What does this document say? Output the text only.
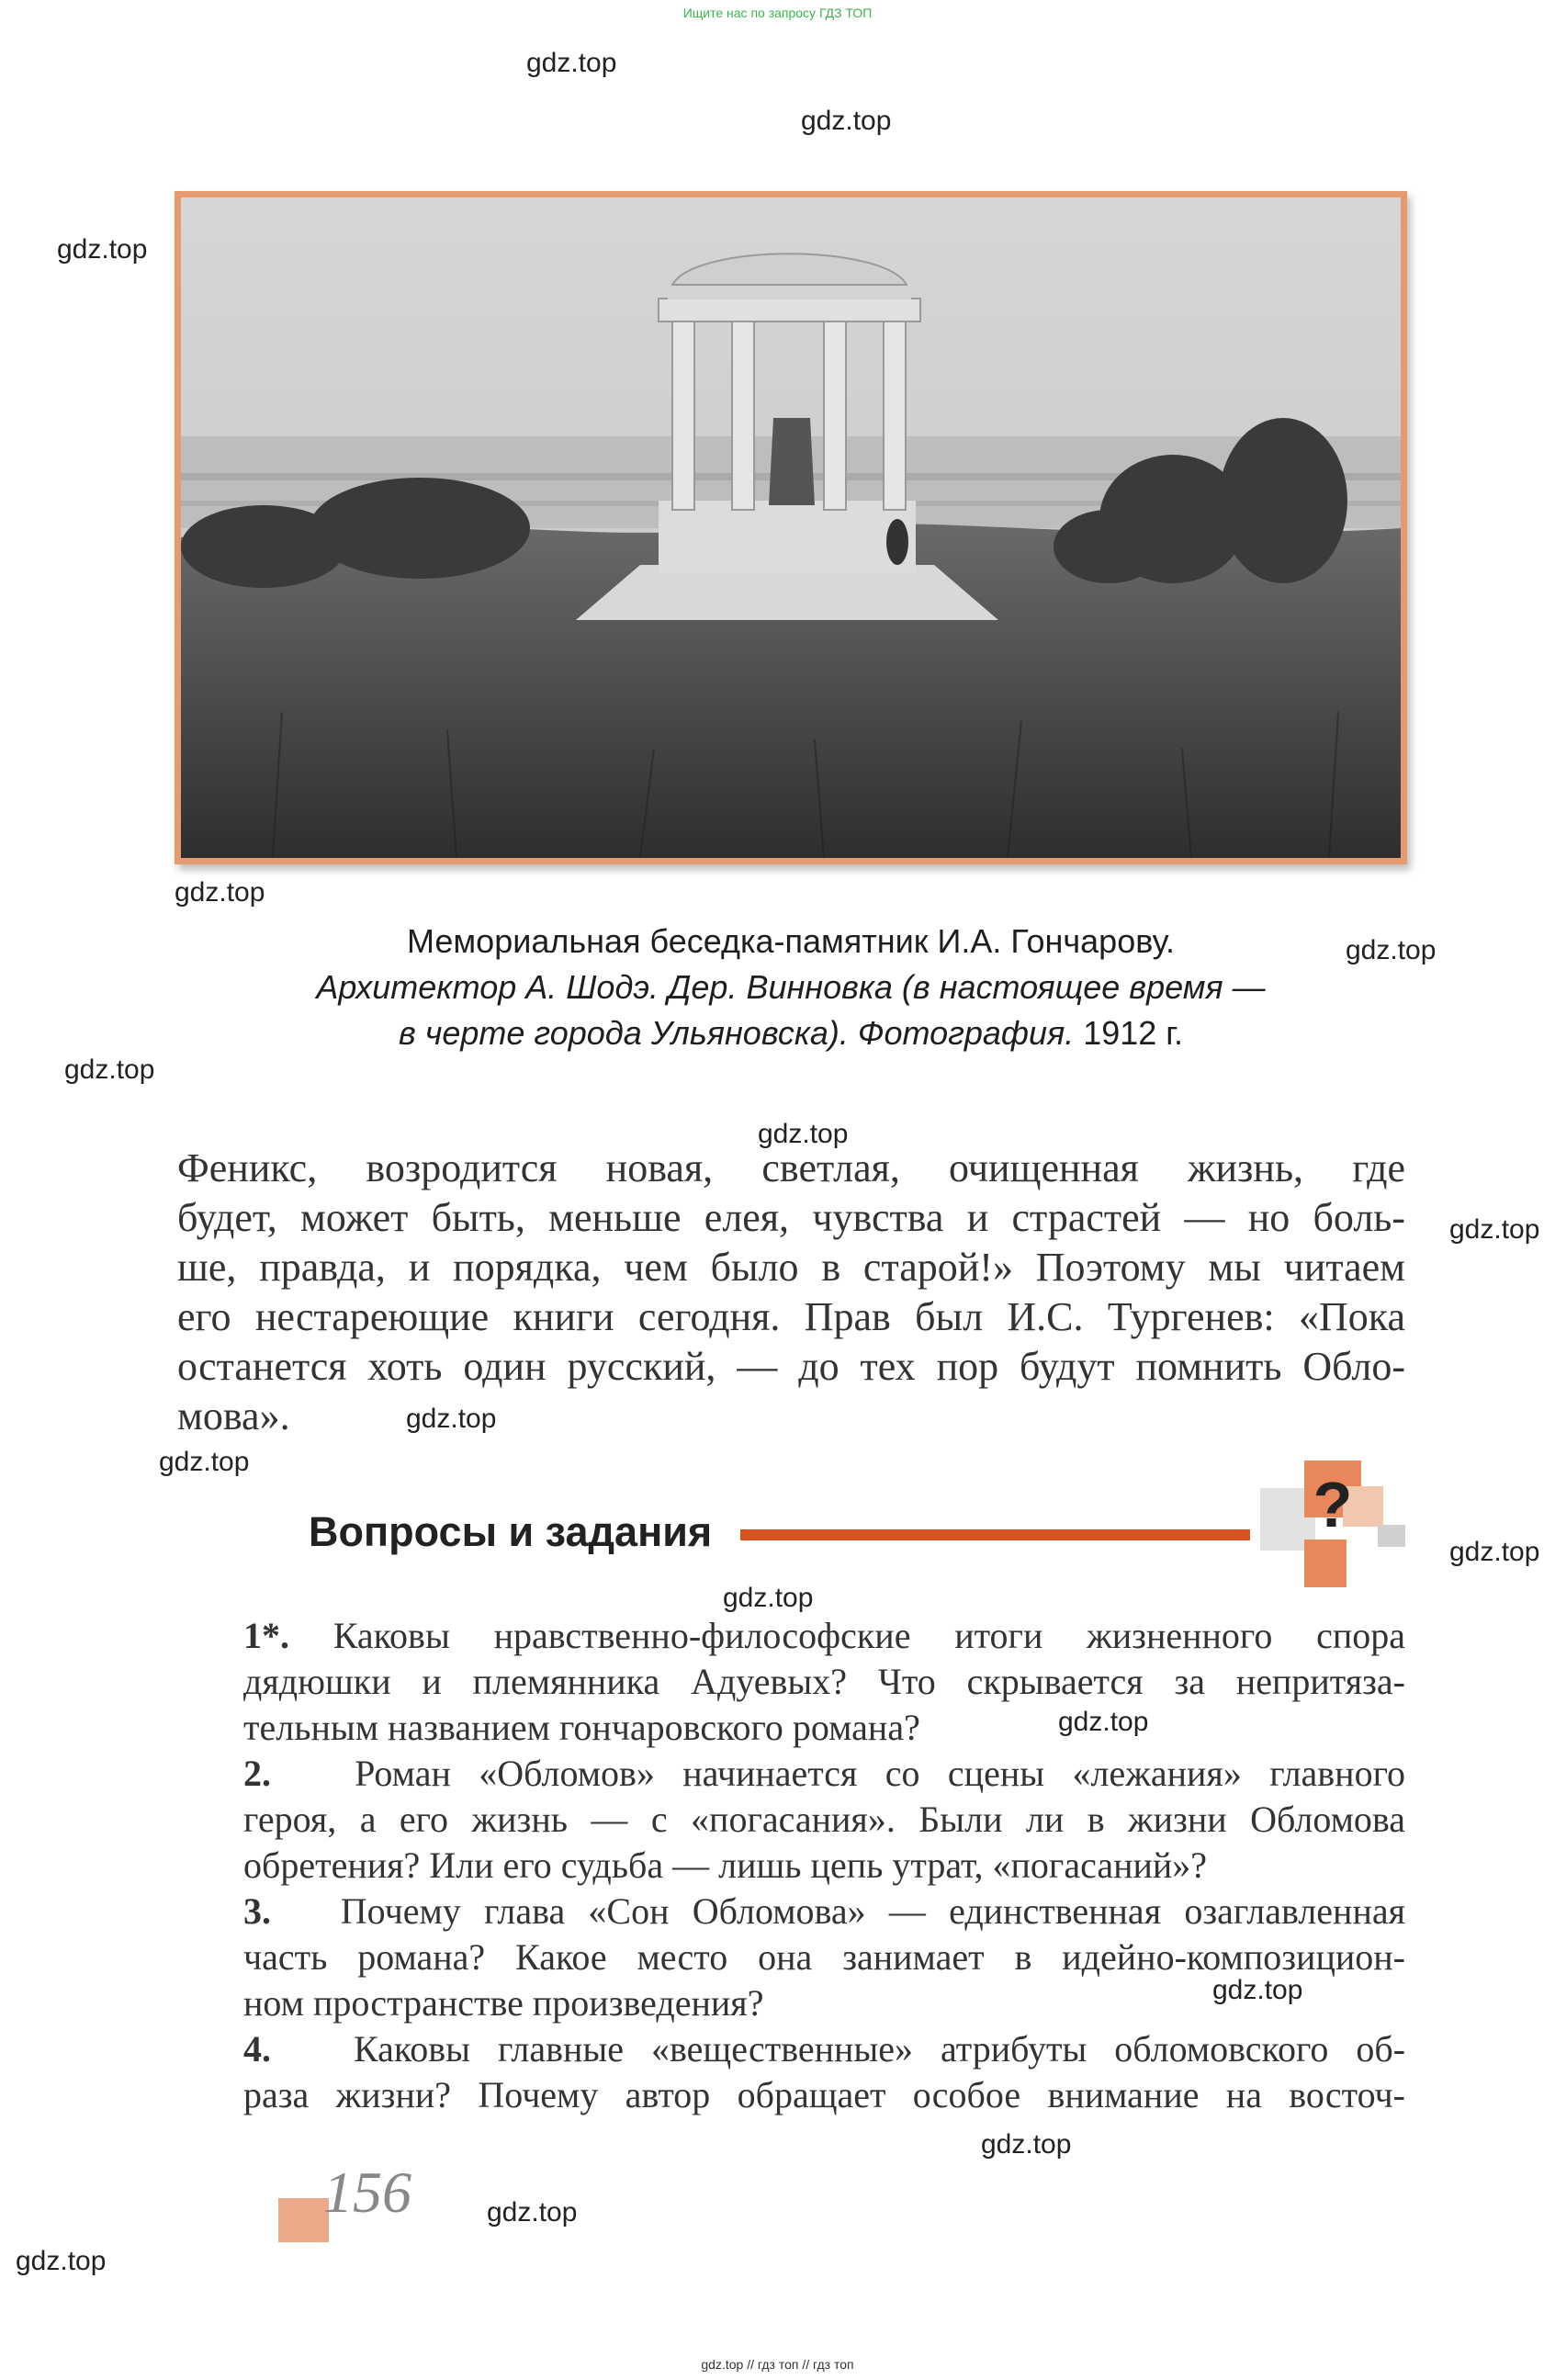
Ищите нас по запросу ГДЗ ТОП
gdz.top
gdz.top
gdz.top
gdz.top
gdz.top
gdz.top
gdz.top
gdz.top
gdz.top
gdz.top
gdz.top
gdz.top
gdz.top
gdz.top
gdz.top
gdz.top
gdz.top
Мемориальная беседка-памятник И.А. Гончарову.
Архитектор А. Шодэ. Дер. Винновка (в настоящее время —
в черте города Ульяновска). Фотография. 1912 г.
Феникс, возродится новая, светлая, очищенная жизнь, где
будет, может быть, меньше елея, чувства и страстей — но боль-
ше, правда, и порядка, чем было в старой!» Поэтому мы читаем
его нестареющие книги сегодня. Прав был И.С. Тургенев: «Пока
останется хоть один русский, — до тех пор будут помнить Обло-
мова».
Вопросы и задания	?
1*. Каковы нравственно-философские итоги жизненного спора
дядюшки и племянника Адуевых? Что скрывается за непритяза-
тельным названием гончаровского романа?
2. Роман «Обломов» начинается со сцены «лежания» главного
героя, а его жизнь — с «погасания». Были ли в жизни Обломова
обретения? Или его судьба — лишь цепь утрат, «погасаний»?
3. Почему глава «Сон Обломова» — единственная озаглавленная
часть романа? Какое место она занимает в идейно-композицион-
ном пространстве произведения?
4. Каковы главные «вещественные» атрибуты обломовского об-
раза жизни? Почему автор обращает особое внимание на восточ-
156
gdz.top // гдз топ // гдз топ
